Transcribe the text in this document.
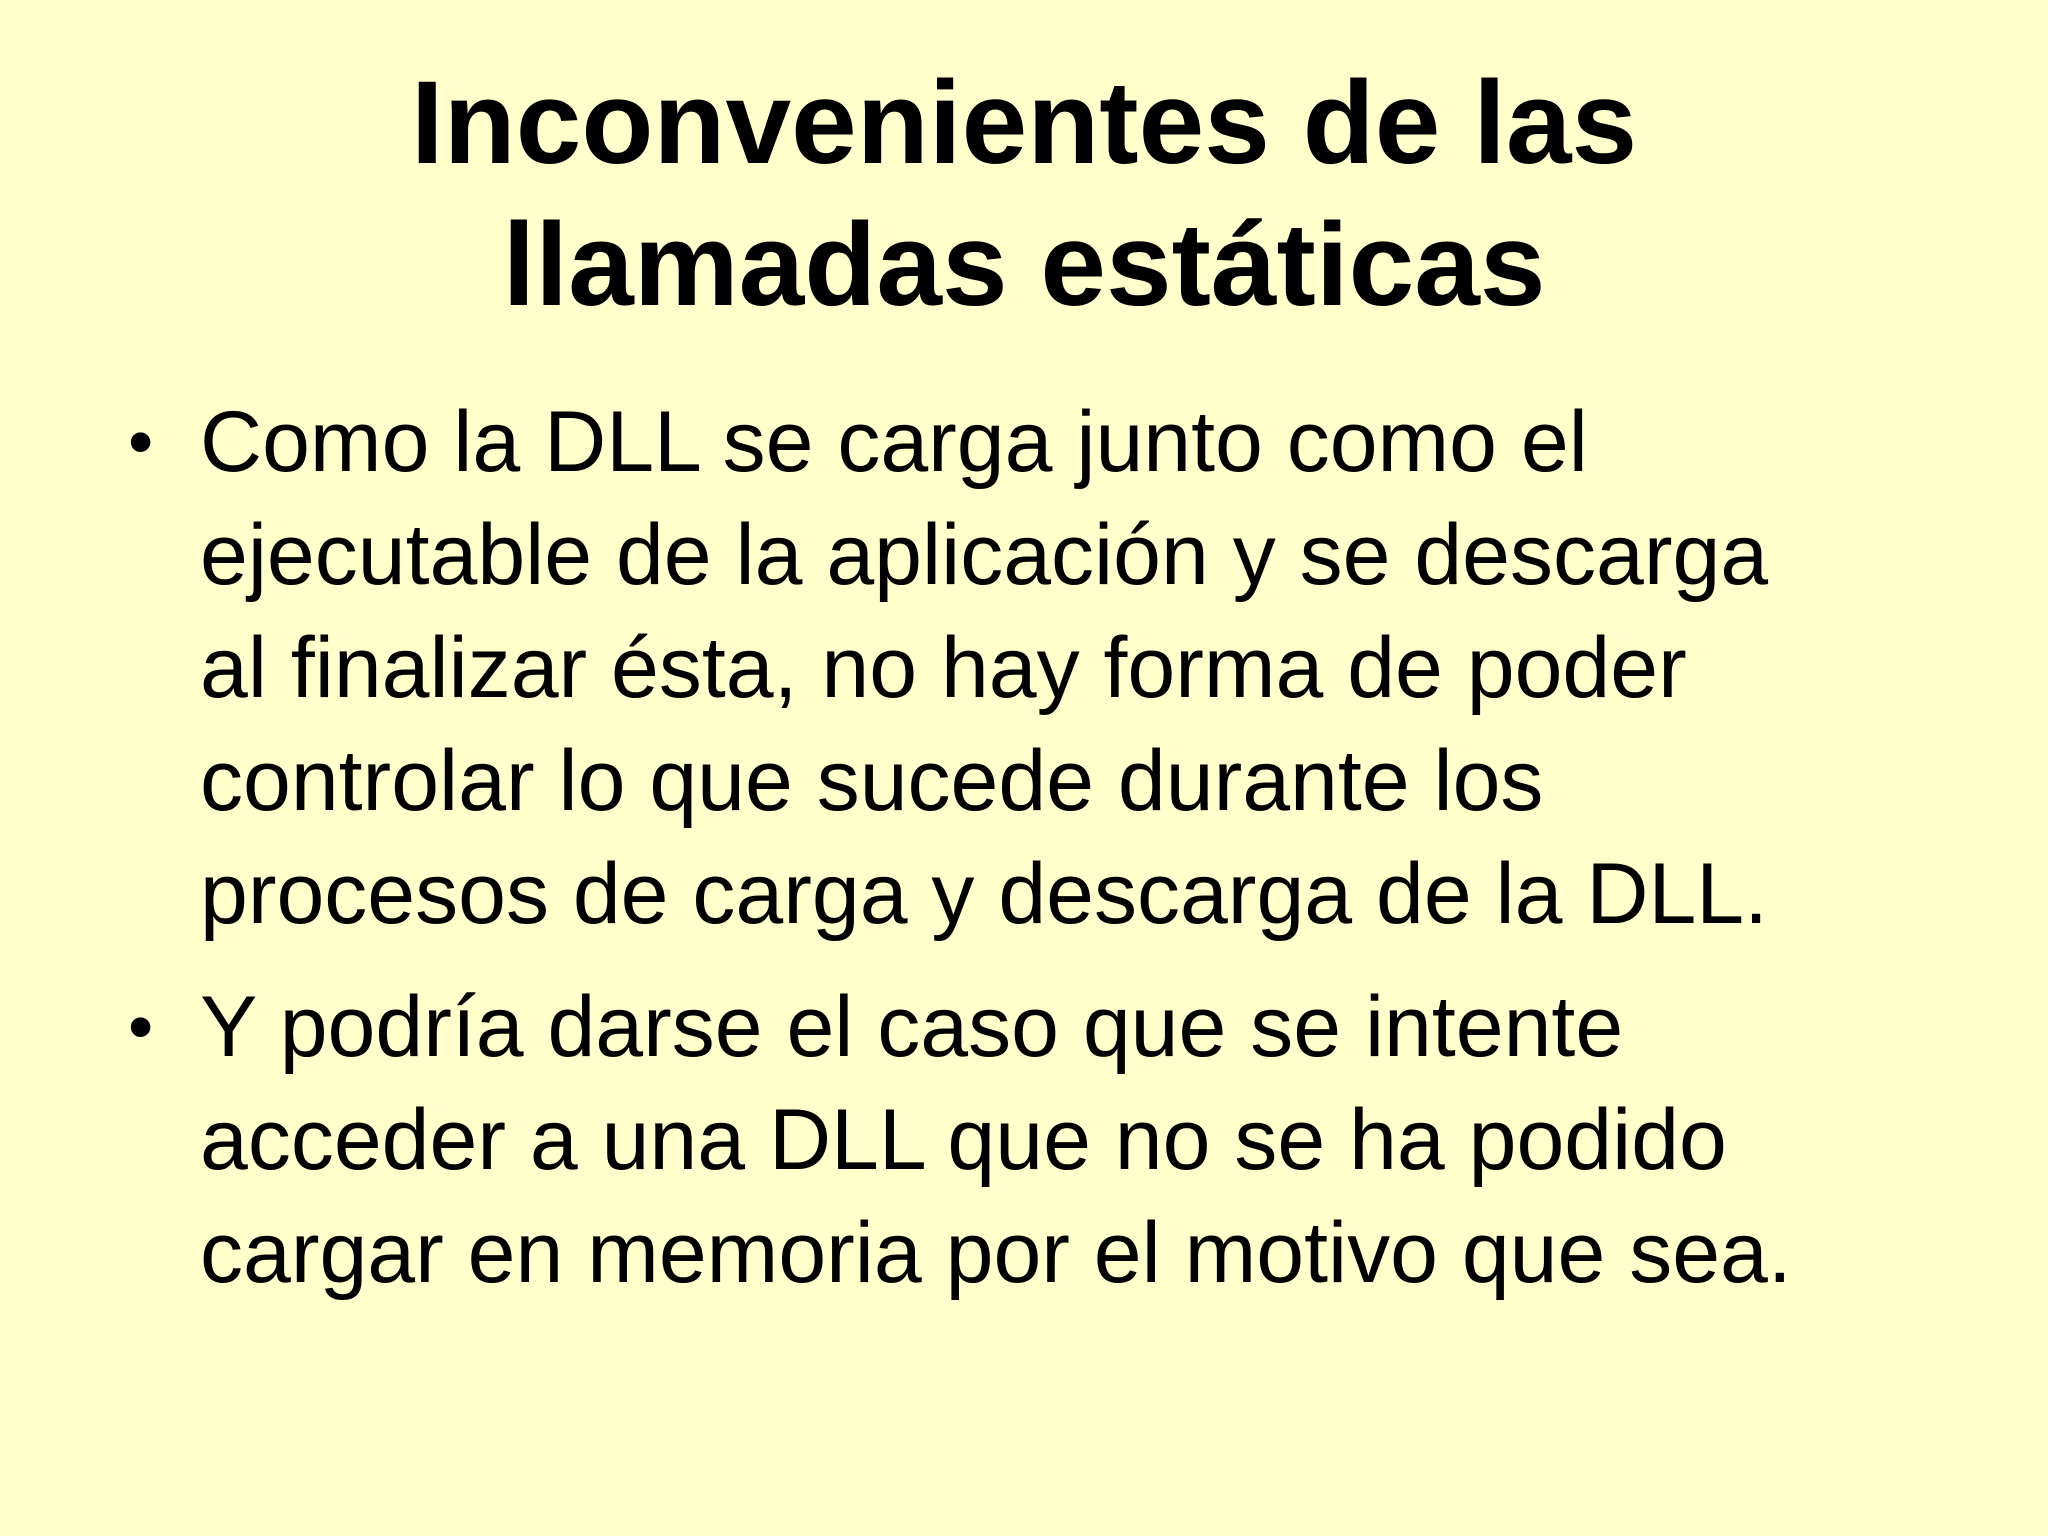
Inconvenientes de las
llamadas estáticas
• Como la DLL se carga junto como el
ejecutable de la aplicación y se descarga
al finalizar ésta, no hay forma de poder
controlar lo que sucede durante los
procesos de carga y descarga de la DLL.
• Y podría darse el caso que se intente
acceder a una DLL que no se ha podido
cargar en memoria por el motivo que sea.
